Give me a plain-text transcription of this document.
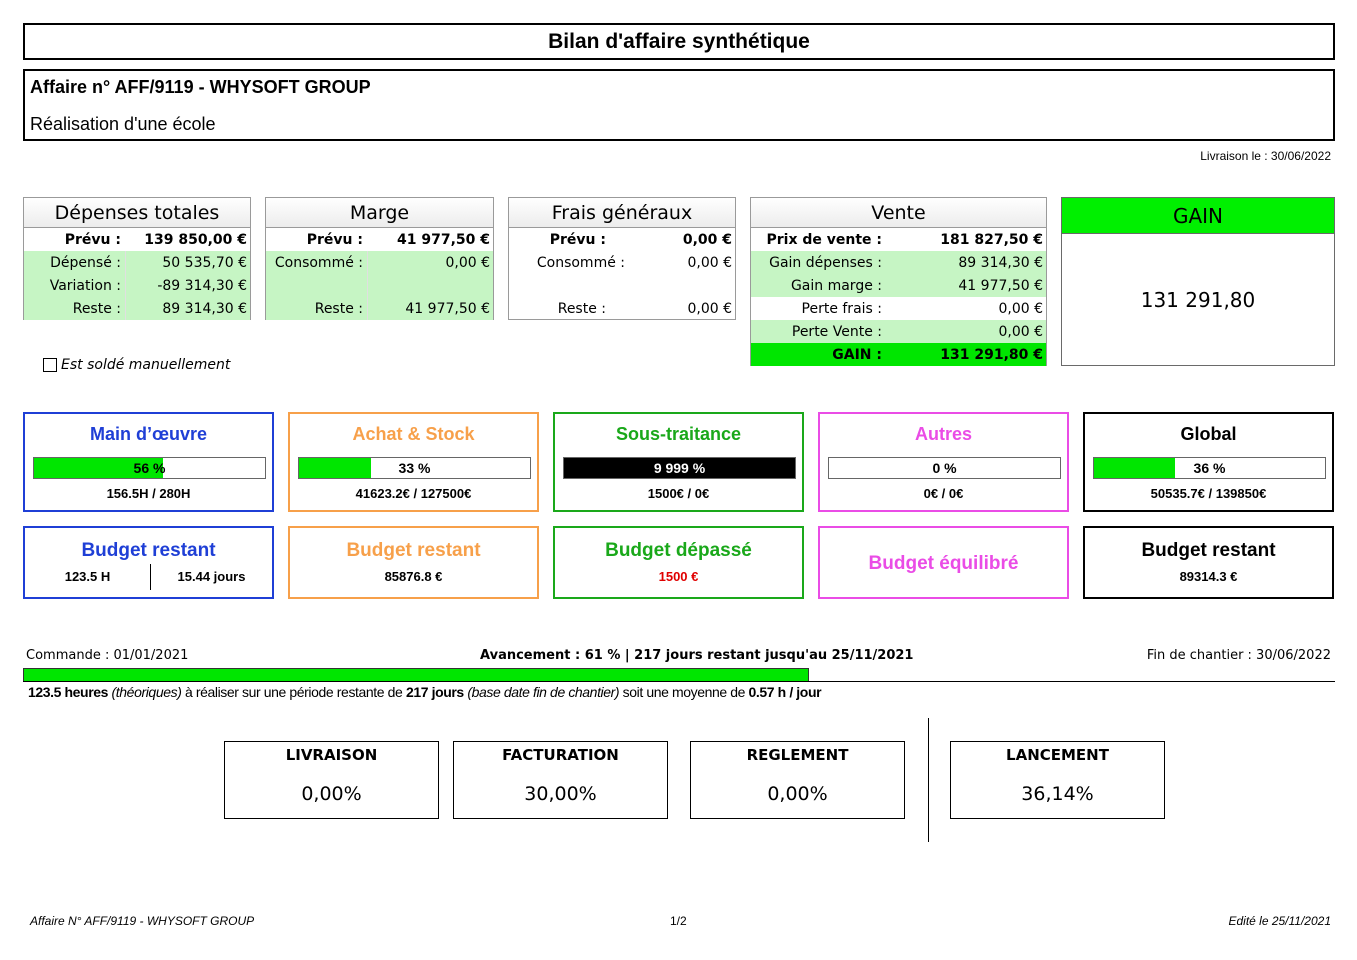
Bilan d'affaire synthétique
Affaire n° AFF/9119 - WHYSOFT GROUP
Réalisation d'une école
Livraison le : 30/06/2022
Dépenses totales
Prévu :	139 850,00 €
Dépensé :	50 535,70 €
Variation :	-89 314,30 €
Reste :	89 314,30 €
Marge
Prévu :	41 977,50 €
Consommé :	0,00 €
Reste :	41 977,50 €
Frais généraux
Prévu :	0,00 €
Consommé :	0,00 €
Reste :	0,00 €
Vente
Prix de vente :	181 827,50 €
Gain dépenses :	89 314,30 €
Gain marge :	41 977,50 €
Perte frais :	0,00 €
Perte Vente :	0,00 €
GAIN :	131 291,80 €
GAIN
131 291,80
Est soldé manuellement
Main d’œuvre
56 %
156.5H / 280H
Achat & Stock
33 %
41623.2€ / 127500€
Sous-traitance
9 999 %
1500€ / 0€
Autres
0 %
0€ / 0€
Global
36 %
50535.7€ / 139850€
Budget restant
123.5 H	15.44 jours
Budget restant
85876.8 €
Budget dépassé
1500 €
Budget équilibré
Budget restant
89314.3 €
Commande : 01/01/2021	Avancement : 61 % | 217 jours restant jusqu'au 25/11/2021	Fin de chantier : 30/06/2022
123.5 heures (théoriques) à réaliser sur une période restante de 217 jours (base date fin de chantier) soit une moyenne de 0.57 h / jour
LIVRAISON
0,00%
FACTURATION
30,00%
REGLEMENT
0,00%
LANCEMENT
36,14%
Affaire N° AFF/9119 - WHYSOFT GROUP	1/2	Edité le 25/11/2021
